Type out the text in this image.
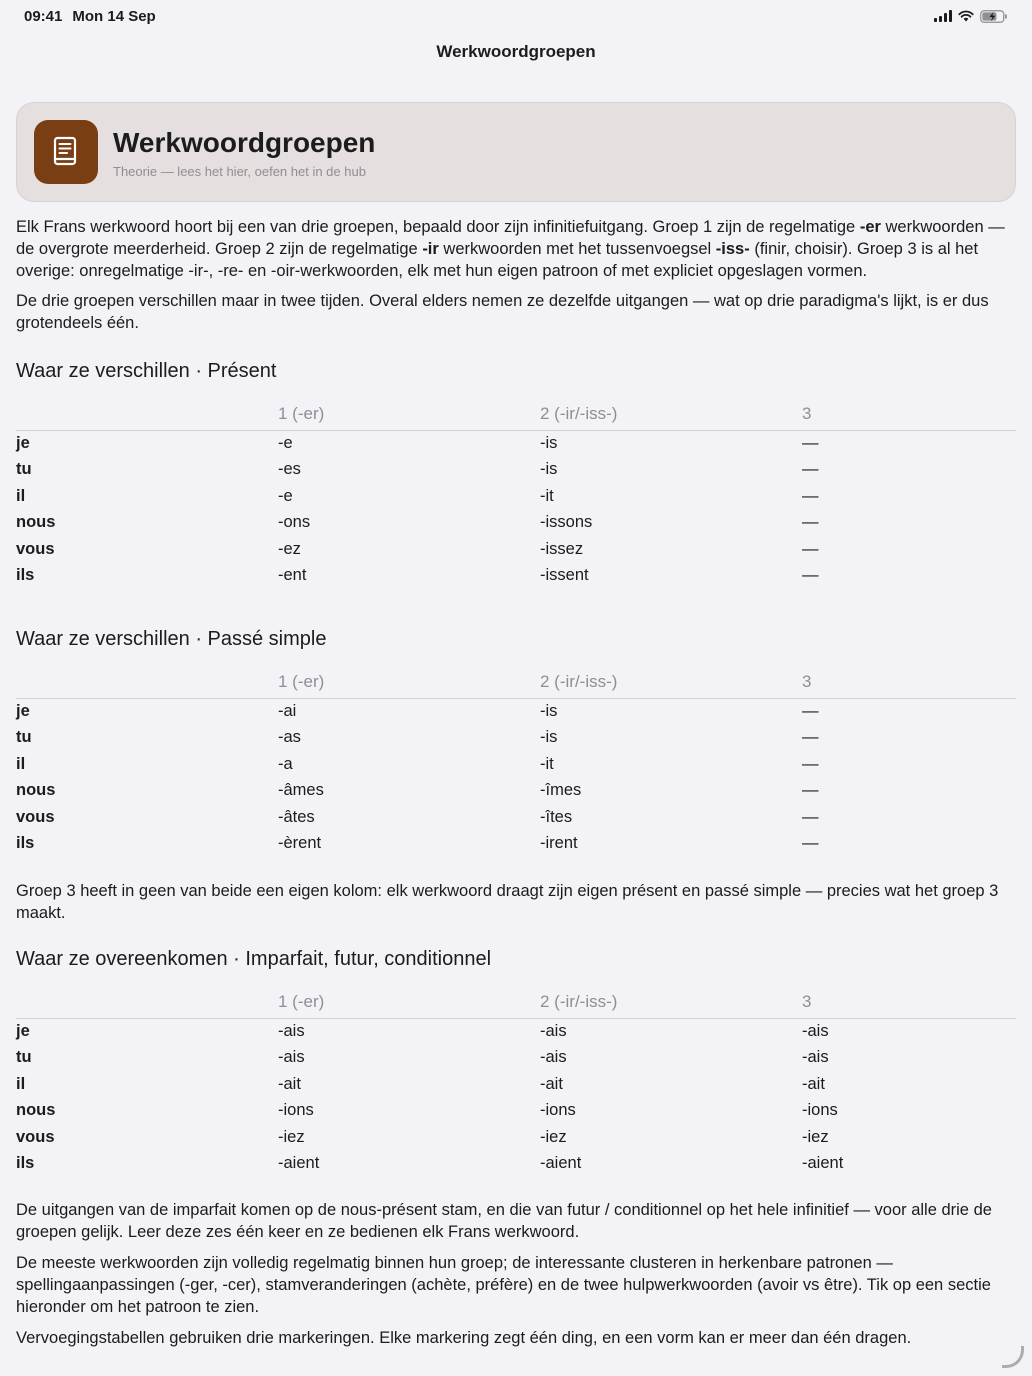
09:41 Mon 14 Sep
Werkwoordgroepen
Werkwoordgroepen
Theorie — lees het hier, oefen het in de hub

Elk Frans werkwoord hoort bij een van drie groepen, bepaald door zijn infinitiefuitgang. Groep 1 zijn de regelmatige -er werkwoorden — de overgrote meerderheid. Groep 2 zijn de regelmatige -ir werkwoorden met het tussenvoegsel -iss- (finir, choisir). Groep 3 is al het overige: onregelmatige -ir-, -re- en -oir-werkwoorden, elk met hun eigen patroon of met expliciet opgeslagen vormen.

De drie groepen verschillen maar in twee tijden. Overal elders nemen ze dezelfde uitgangen — wat op drie paradigma's lijkt, is er dus grotendeels één.

Waar ze verschillen · Présent
	1 (-er)	2 (-ir/-iss-)	3
je	-e	-is	—
tu	-es	-is	—
il	-e	-it	—
nous	-ons	-issons	—
vous	-ez	-issez	—
ils	-ent	-issent	—
Waar ze verschillen · Passé simple
	1 (-er)	2 (-ir/-iss-)	3
je	-ai	-is	—
tu	-as	-is	—
il	-a	-it	—
nous	-âmes	-îmes	—
vous	-âtes	-îtes	—
ils	-èrent	-irent	—

Groep 3 heeft in geen van beide een eigen kolom: elk werkwoord draagt zijn eigen présent en passé simple — precies wat het groep 3 maakt.

Waar ze overeenkomen · Imparfait, futur, conditionnel
	1 (-er)	2 (-ir/-iss-)	3
je	-ais	-ais	-ais
tu	-ais	-ais	-ais
il	-ait	-ait	-ait
nous	-ions	-ions	-ions
vous	-iez	-iez	-iez
ils	-aient	-aient	-aient

De uitgangen van de imparfait komen op de nous-présent stam, en die van futur / conditionnel op het hele infinitief — voor alle drie de groepen gelijk. Leer deze zes één keer en ze bedienen elk Frans werkwoord.

De meeste werkwoorden zijn volledig regelmatig binnen hun groep; de interessante clusteren in herkenbare patronen — spellingaanpassingen (-ger, -cer), stamveranderingen (achète, préfère) en de twee hulpwerkwoorden (avoir vs être). Tik op een sectie hieronder om het patroon te zien.

Vervoegingstabellen gebruiken drie markeringen. Elke markering zegt één ding, en een vorm kan er meer dan één dragen.
